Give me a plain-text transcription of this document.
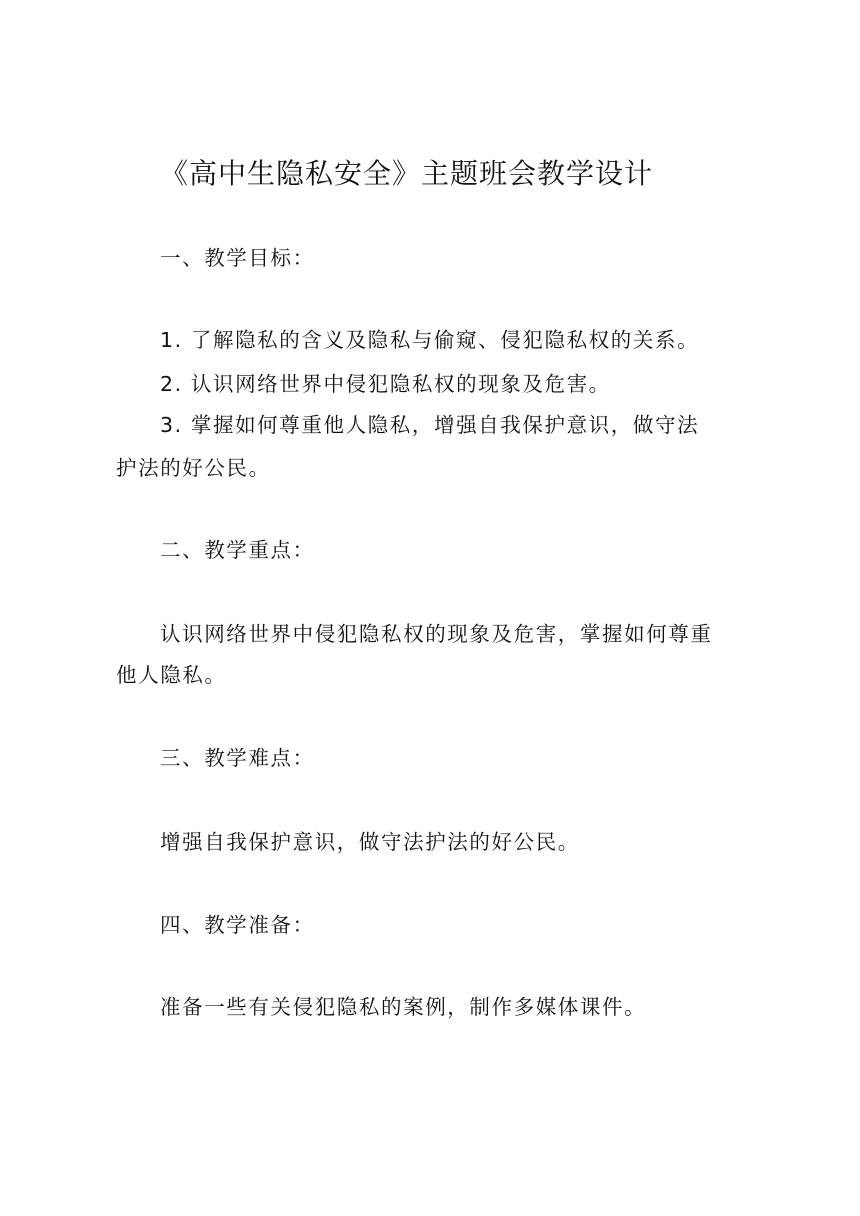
《高中生隐私安全》主题班会教学设计
一、教学目标：
1. 了解隐私的含义及隐私与偷窥、侵犯隐私权的关系。
2. 认识网络世界中侵犯隐私权的现象及危害。
3. 掌握如何尊重他人隐私，增强自我保护意识，做守法
护法的好公民。
二、教学重点：
认识网络世界中侵犯隐私权的现象及危害，掌握如何尊重
他人隐私。
三、教学难点：
增强自我保护意识，做守法护法的好公民。
四、教学准备：
准备一些有关侵犯隐私的案例，制作多媒体课件。
